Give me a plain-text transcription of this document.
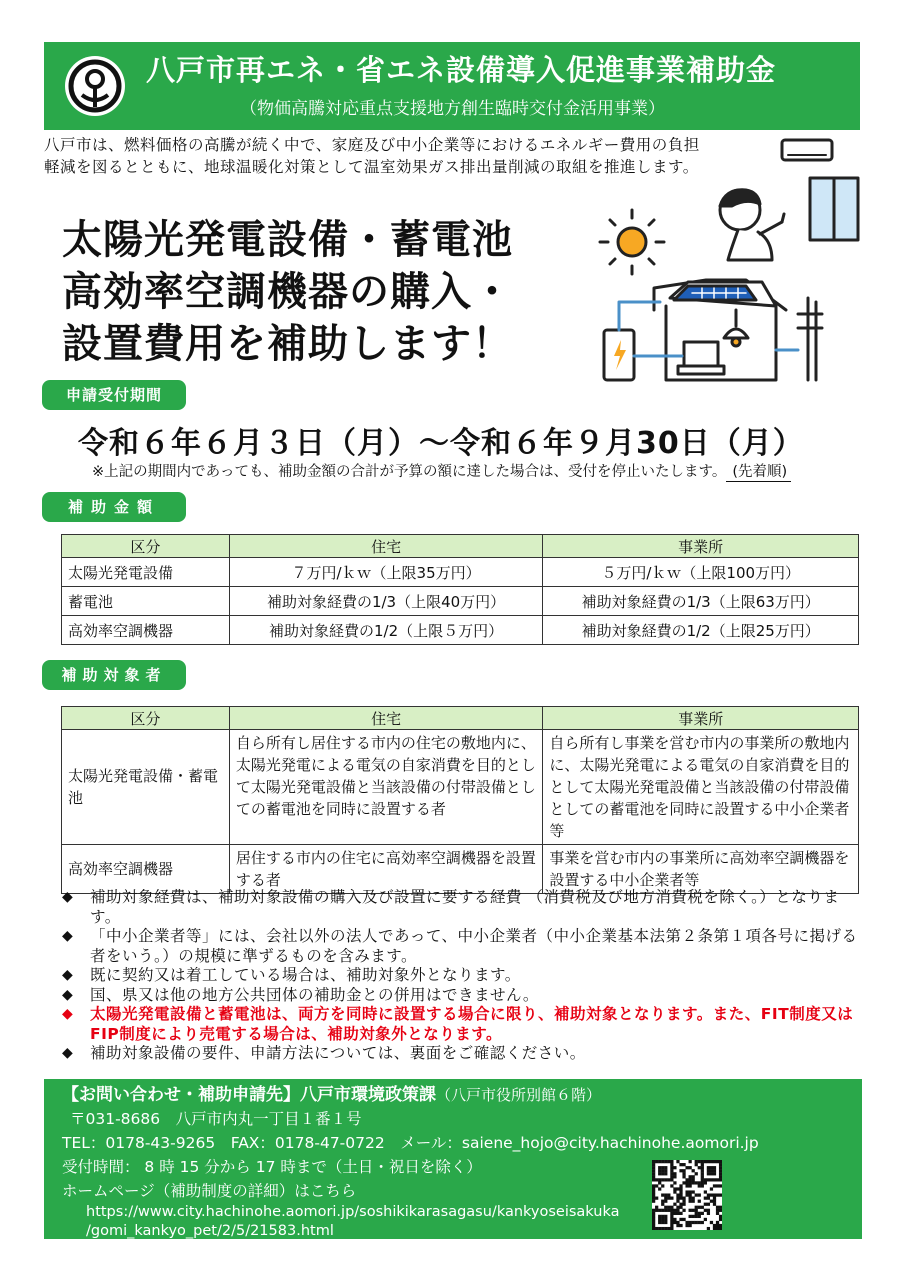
八戸市再エネ・省エネ設備導入促進事業補助金
（物価高騰対応重点支援地方創生臨時交付金活用事業）
八戸市は、燃料価格の高騰が続く中で、家庭及び中小企業等におけるエネルギー費用の負担軽減を図るとともに、地球温暖化対策として温室効果ガス排出量削減の取組を推進します。
太陽光発電設備・蓄電池
高効率空調機器の購入・
設置費用を補助します！
申請受付期間
令和６年６月３日（月）～令和６年９月30日（月）
※上記の期間内であっても、補助金額の合計が予算の額に達した場合は、受付を停止いたします。 (先着順)
補助金額
区分	住宅	事業所
太陽光発電設備	７万円/ｋｗ（上限35万円）	５万円/ｋｗ（上限100万円）
蓄電池	補助対象経費の1/3（上限40万円）	補助対象経費の1/3（上限63万円）
高効率空調機器	補助対象経費の1/2（上限５万円）	補助対象経費の1/2（上限25万円）
補助対象者
区分	住宅	事業所
太陽光発電設備・蓄電池	自ら所有し居住する市内の住宅の敷地内に、太陽光発電による電気の自家消費を目的として太陽光発電設備と当該設備の付帯設備としての蓄電池を同時に設置する者	自ら所有し事業を営む市内の事業所の敷地内に、太陽光発電による電気の自家消費を目的として太陽光発電設備と当該設備の付帯設備としての蓄電池を同時に設置する中小企業者等
高効率空調機器	居住する市内の住宅に高効率空調機器を設置する者	事業を営む市内の事業所に高効率空調機器を設置する中小企業者等
◆	補助対象経費は、補助対象設備の購入及び設置に要する経費 （消費税及び地方消費税を除く。）となります。
◆	「中小企業者等」には、会社以外の法人であって、中小企業者（中小企業基本法第２条第１項各号に掲げる者をいう。）の規模に準ずるものを含みます。
◆	既に契約又は着工している場合は、補助対象外となります。
◆	国、県又は他の地方公共団体の補助金との併用はできません。
◆	太陽光発電設備と蓄電池は、両方を同時に設置する場合に限り、補助対象となります。また、FIT制度又はFIP制度により売電する場合は、補助対象外となります。
◆	補助対象設備の要件、申請方法については、裏面をご確認ください。
【お問い合わせ・補助申請先】八戸市環境政策課（八戸市役所別館６階）
〒031-8686　八戸市内丸一丁目１番１号
TEL：0178-43-9265　FAX：0178-47-0722　メール：saiene_hojo@city.hachinohe.aomori.jp
受付時間： 8 時 15 分から 17 時まで（土日・祝日を除く）
ホームページ（補助制度の詳細）はこちら
https://www.city.hachinohe.aomori.jp/soshikikarasagasu/kankyoseisakuka
/gomi_kankyo_pet/2/5/21583.html
